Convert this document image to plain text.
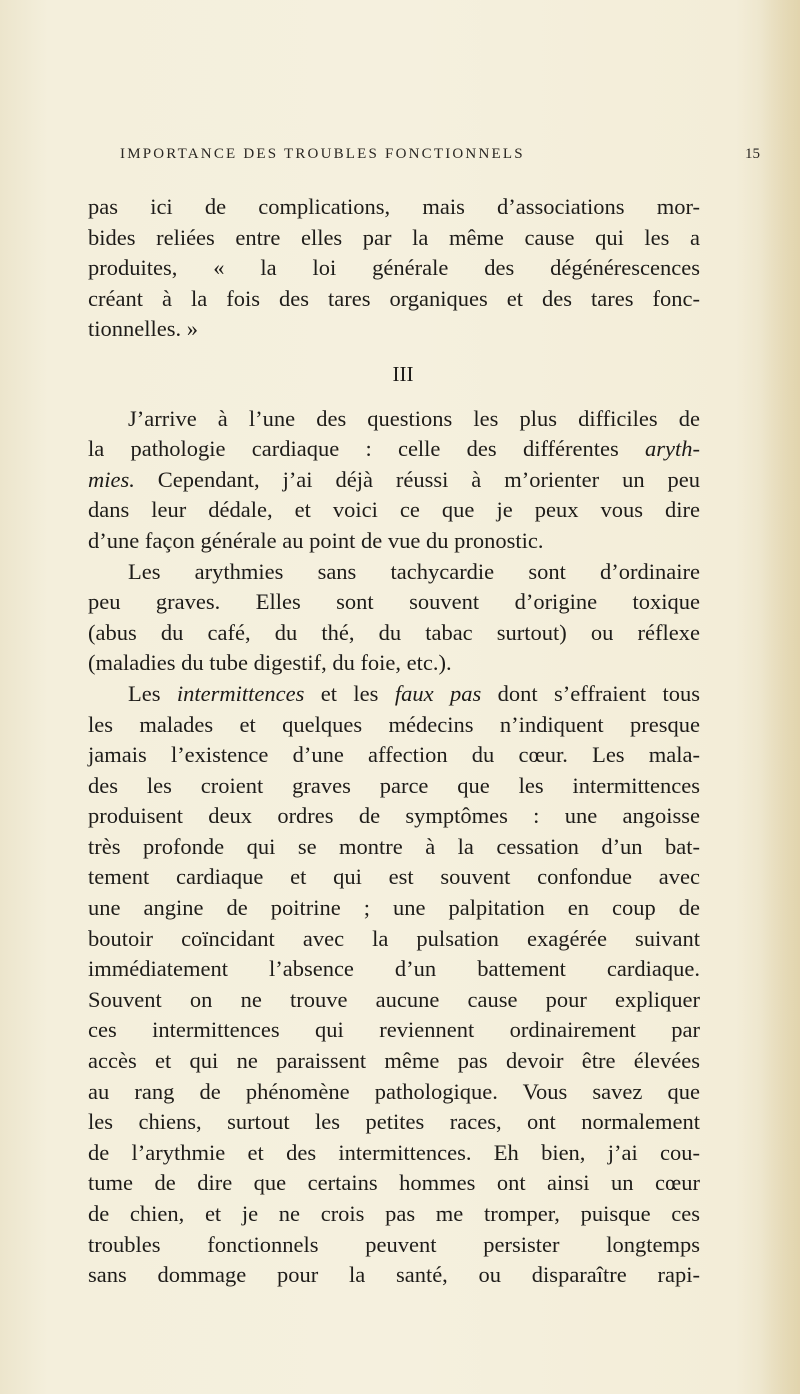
IMPORTANCE DES TROUBLES FONCTIONNELS	15
pas ici de complications, mais d’associations mor-
bides reliées entre elles par la même cause qui les a
produites, « la loi générale des dégénérescences
créant à la fois des tares organiques et des tares fonc-
tionnelles. »
III
J’arrive à l’une des questions les plus difficiles de
la pathologie cardiaque : celle des différentes aryth-
mies. Cependant, j’ai déjà réussi à m’orienter un peu
dans leur dédale, et voici ce que je peux vous dire
d’une façon générale au point de vue du pronostic.
Les arythmies sans tachycardie sont d’ordinaire
peu graves. Elles sont souvent d’origine toxique
(abus du café, du thé, du tabac surtout) ou réflexe
(maladies du tube digestif, du foie, etc.).
Les intermittences et les faux pas dont s’effraient tous
les malades et quelques médecins n’indiquent presque
jamais l’existence d’une affection du cœur. Les mala-
des les croient graves parce que les intermittences
produisent deux ordres de symptômes : une angoisse
très profonde qui se montre à la cessation d’un bat-
tement cardiaque et qui est souvent confondue avec
une angine de poitrine ; une palpitation en coup de
boutoir coïncidant avec la pulsation exagérée suivant
immédiatement l’absence d’un battement cardiaque.
Souvent on ne trouve aucune cause pour expliquer
ces intermittences qui reviennent ordinairement par
accès et qui ne paraissent même pas devoir être élevées
au rang de phénomène pathologique. Vous savez que
les chiens, surtout les petites races, ont normalement
de l’arythmie et des intermittences. Eh bien, j’ai cou-
tume de dire que certains hommes ont ainsi un cœur
de chien, et je ne crois pas me tromper, puisque ces
troubles fonctionnels peuvent persister longtemps
sans dommage pour la santé, ou disparaître rapi-
